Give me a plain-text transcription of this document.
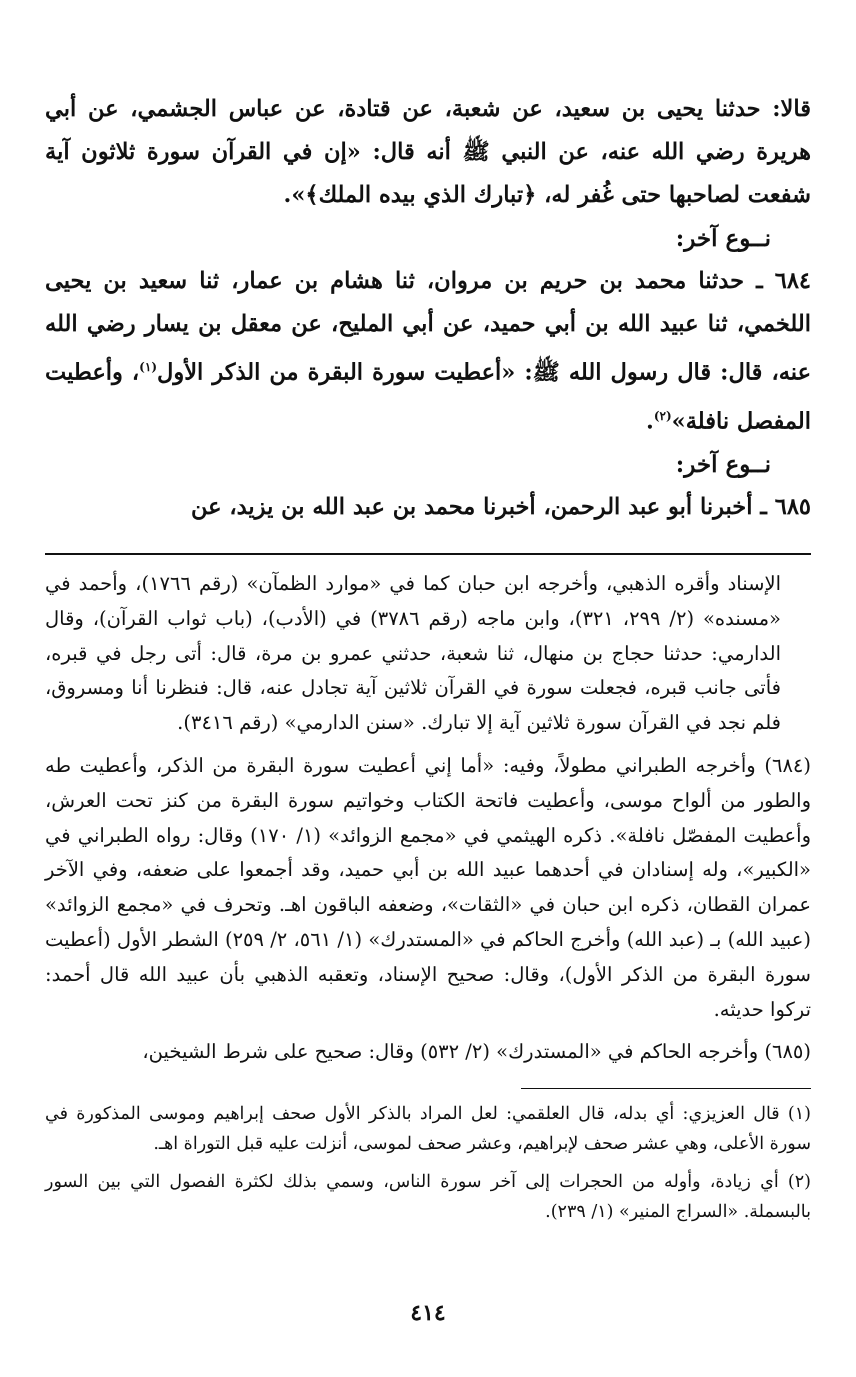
قالا: حدثنا يحيى بن سعيد، عن شعبة، عن قتادة، عن عباس الجشمي، عن أبي هريرة رضي الله عنه، عن النبي ﷺ أنه قال: «إن في القرآن سورة ثلاثون آية شفعت لصاحبها حتى غُفر له، ﴿تبارك الذي بيده الملك﴾».

نــوع آخر:

٦٨٤ ـ حدثنا محمد بن حريم بن مروان، ثنا هشام بن عمار، ثنا سعيد بن يحيى اللخمي، ثنا عبيد الله بن أبي حميد، عن أبي المليح، عن معقل بن يسار رضي الله عنه، قال: قال رسول الله ﷺ: «أعطيت سورة البقرة من الذكر الأول$^{(١)}$، وأعطيت المفصل نافلة»$^{(٢)}$.

نــوع آخر:

٦٨٥ ـ أخبرنا أبو عبد الرحمن، أخبرنا محمد بن عبد الله بن يزيد، عن

الإسناد وأقره الذهبي، وأخرجه ابن حبان كما في «موارد الظمآن» (رقم ١٧٦٦)، وأحمد في «مسنده» (٢/ ٢٩٩، ٣٢١)، وابن ماجه (رقم ٣٧٨٦) في (الأدب)، (باب ثواب القرآن)، وقال الدارمي: حدثنا حجاج بن منهال، ثنا شعبة، حدثني عمرو بن مرة، قال: أتى رجل في قبره، فأتى جانب قبره، فجعلت سورة في القرآن ثلاثين آية تجادل عنه، قال: فنظرنا أنا ومسروق، فلم نجد في القرآن سورة ثلاثين آية إلا تبارك. «سنن الدارمي» (رقم ٣٤١٦).

(٦٨٤) وأخرجه الطبراني مطولاً، وفيه: «أما إني أعطيت سورة البقرة من الذكر، وأعطيت طه والطور من ألواح موسى، وأعطيت فاتحة الكتاب وخواتيم سورة البقرة من كنز تحت العرش، وأعطيت المفصّل نافلة». ذكره الهيثمي في «مجمع الزوائد» (١/ ١٧٠) وقال: رواه الطبراني في «الكبير»، وله إسنادان في أحدهما عبيد الله بن أبي حميد، وقد أجمعوا على ضعفه، وفي الآخر عمران القطان، ذكره ابن حبان في «الثقات»، وضعفه الباقون اهـ. وتحرف في «مجمع الزوائد» (عبيد الله) بـ (عبد الله) وأخرج الحاكم في «المستدرك» (١/ ٥٦١، ٢/ ٢٥٩) الشطر الأول (أعطيت سورة البقرة من الذكر الأول)، وقال: صحيح الإسناد، وتعقبه الذهبي بأن عبيد الله قال أحمد: تركوا حديثه.

(٦٨٥) وأخرجه الحاكم في «المستدرك» (٢/ ٥٣٢) وقال: صحيح على شرط الشيخين،

(١) قال العزيزي: أي بدله، قال العلقمي: لعل المراد بالذكر الأول صحف إبراهيم وموسى المذكورة في سورة الأعلى، وهي عشر صحف لإبراهيم، وعشر صحف لموسى، أنزلت عليه قبل التوراة اهـ.

(٢) أي زيادة، وأوله من الحجرات إلى آخر سورة الناس، وسمي بذلك لكثرة الفصول التي بين السور بالبسملة. «السراج المنير» (١/ ٢٣٩).

٤١٤
